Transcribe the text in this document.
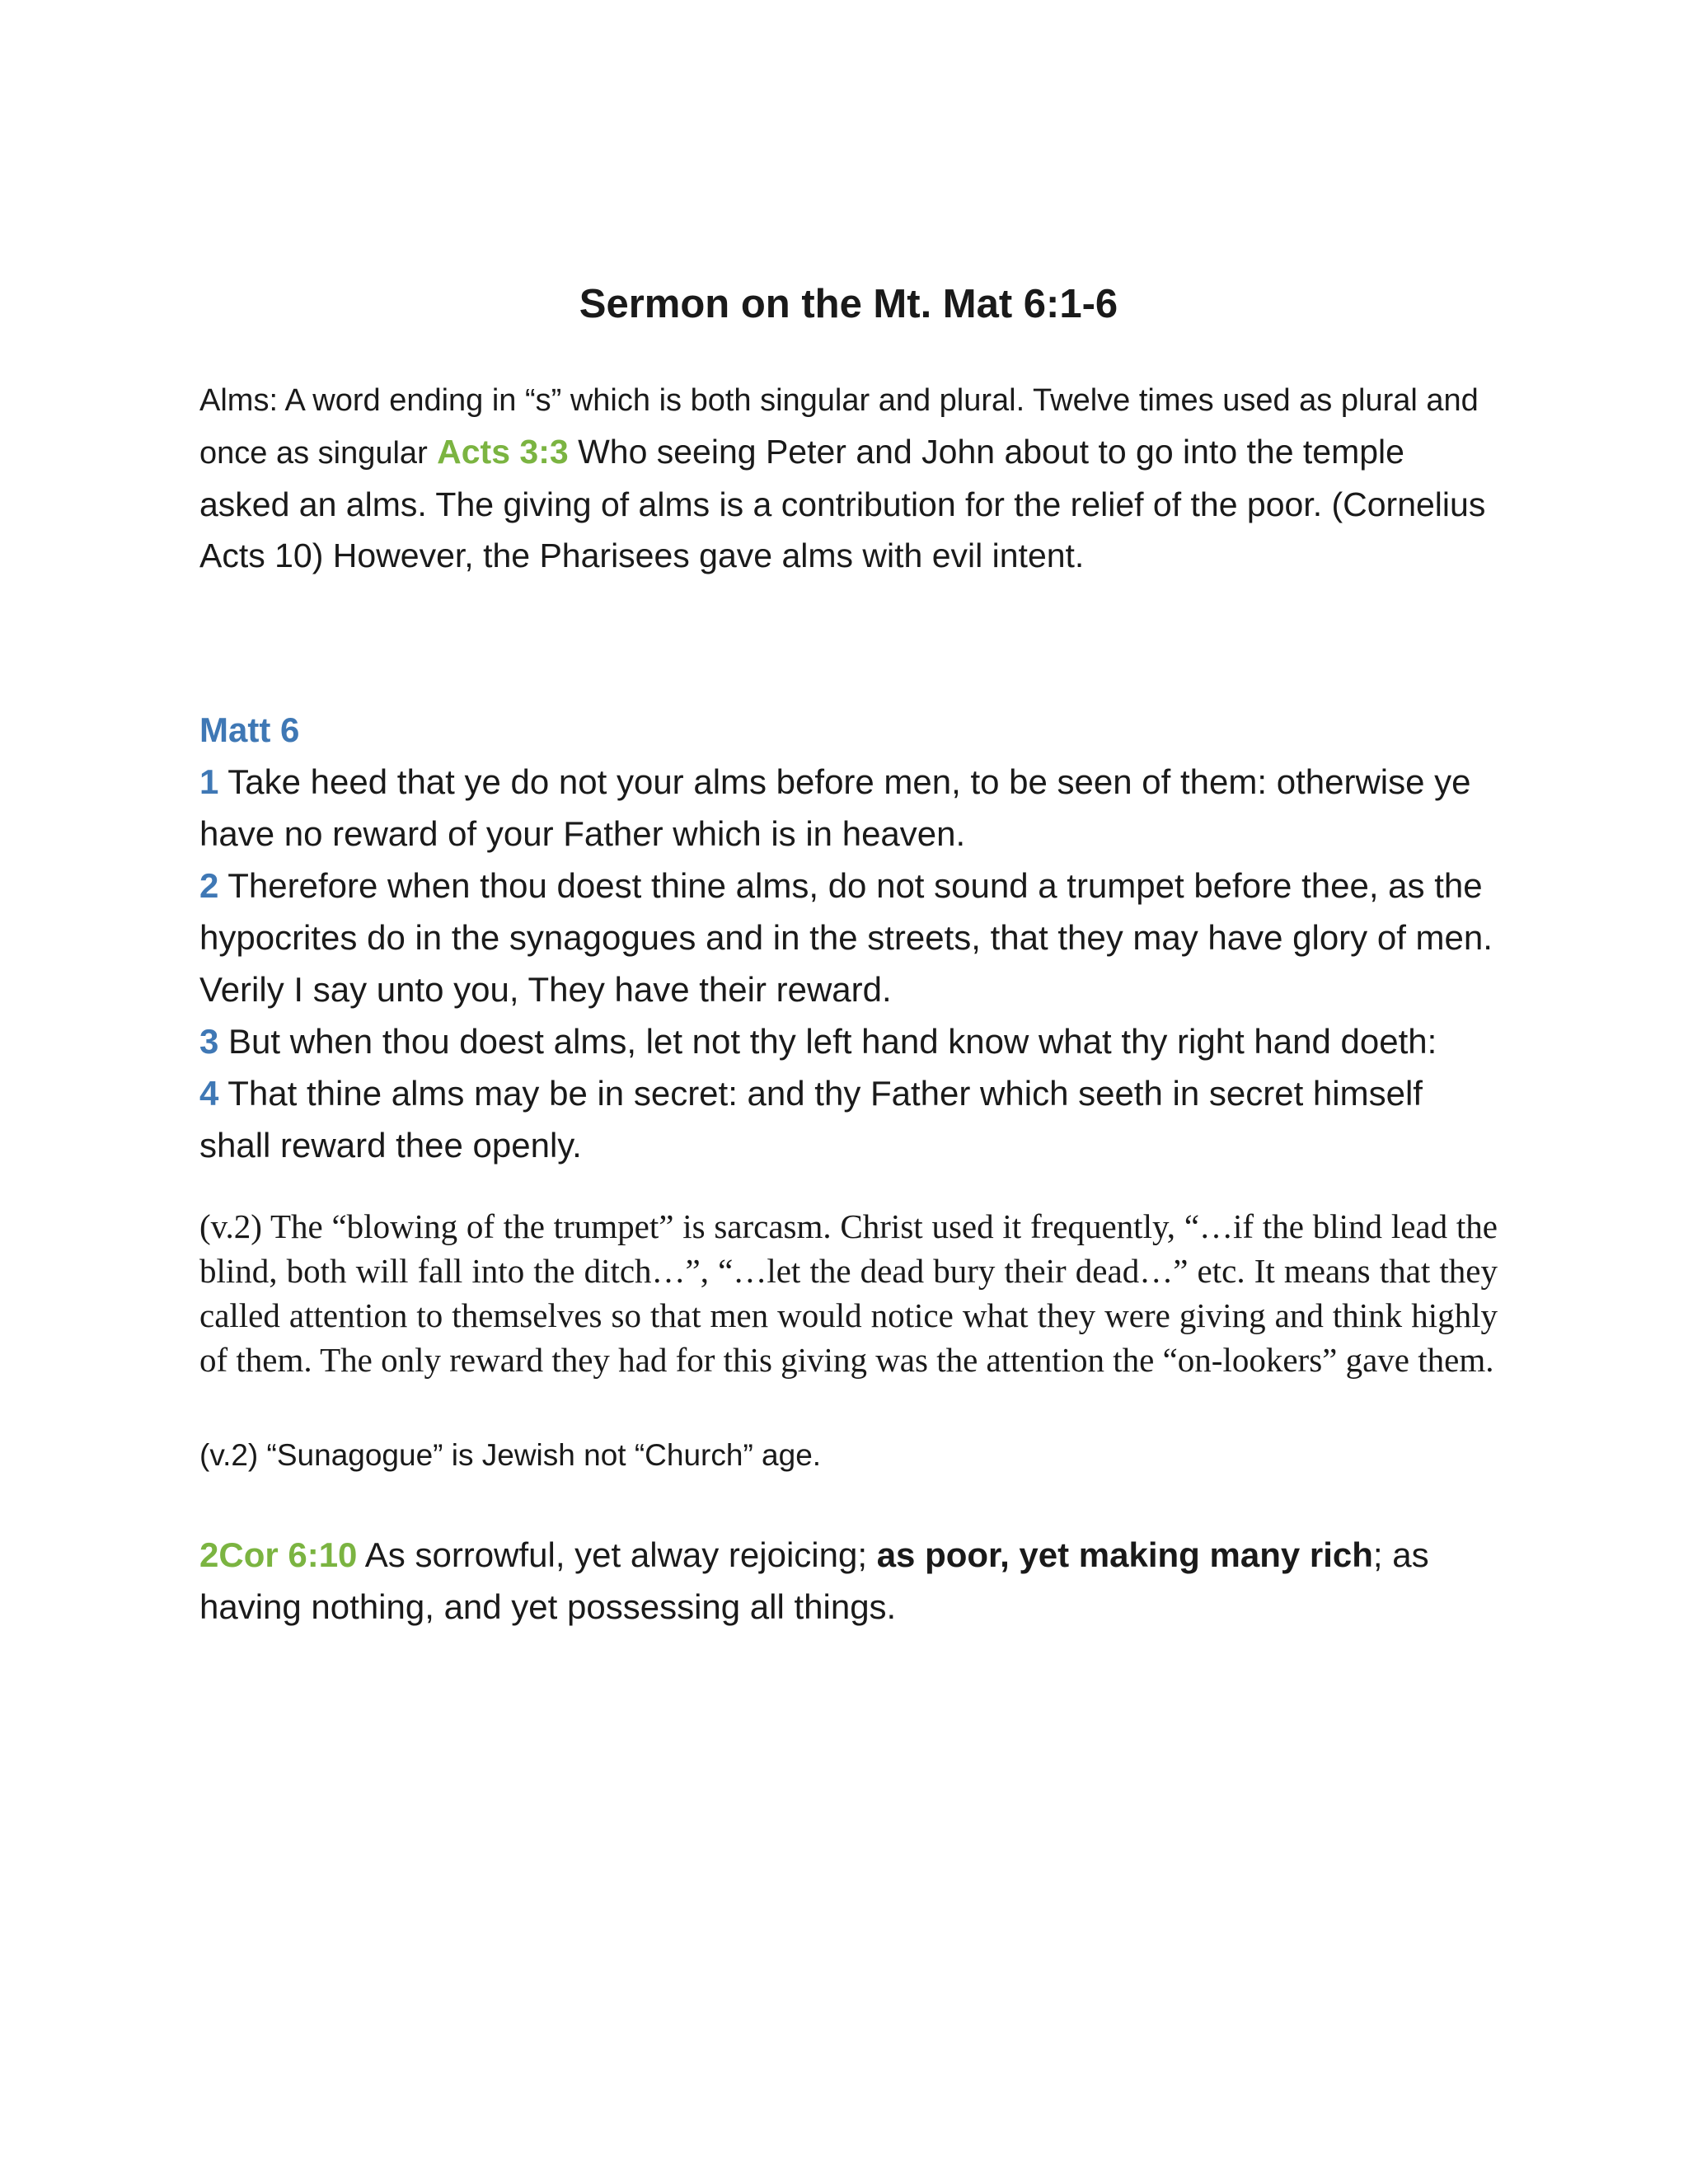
Sermon on the Mt. Mat 6:1-6

Alms: A word ending in “s” which is both singular and plural. Twelve times used as plural and once as singular Acts 3:3 Who seeing Peter and John about to go into the temple asked an alms. The giving of alms is a contribution for the relief of the poor. (Cornelius Acts 10) However, the Pharisees gave alms with evil intent.

Matt 6

1 Take heed that ye do not your alms before men, to be seen of them: otherwise ye have no reward of your Father which is in heaven.

2 Therefore when thou doest thine alms, do not sound a trumpet before thee, as the hypocrites do in the synagogues and in the streets, that they may have glory of men. Verily I say unto you, They have their reward.

3 But when thou doest alms, let not thy left hand know what thy right hand doeth:

4 That thine alms may be in secret: and thy Father which seeth in secret himself shall reward thee openly.

(v.2) The “blowing of the trumpet” is sarcasm. Christ used it frequently, “…if the blind lead the blind, both will fall into the ditch…”, “…let the dead bury their dead…” etc. It means that they called attention to themselves so that men would notice what they were giving and think highly of them. The only reward they had for this giving was the attention the “on-lookers” gave them.

(v.2) “Sunagogue” is Jewish not “Church” age.

2Cor 6:10 As sorrowful, yet alway rejoicing; as poor, yet making many rich; as having nothing, and yet possessing all things.
